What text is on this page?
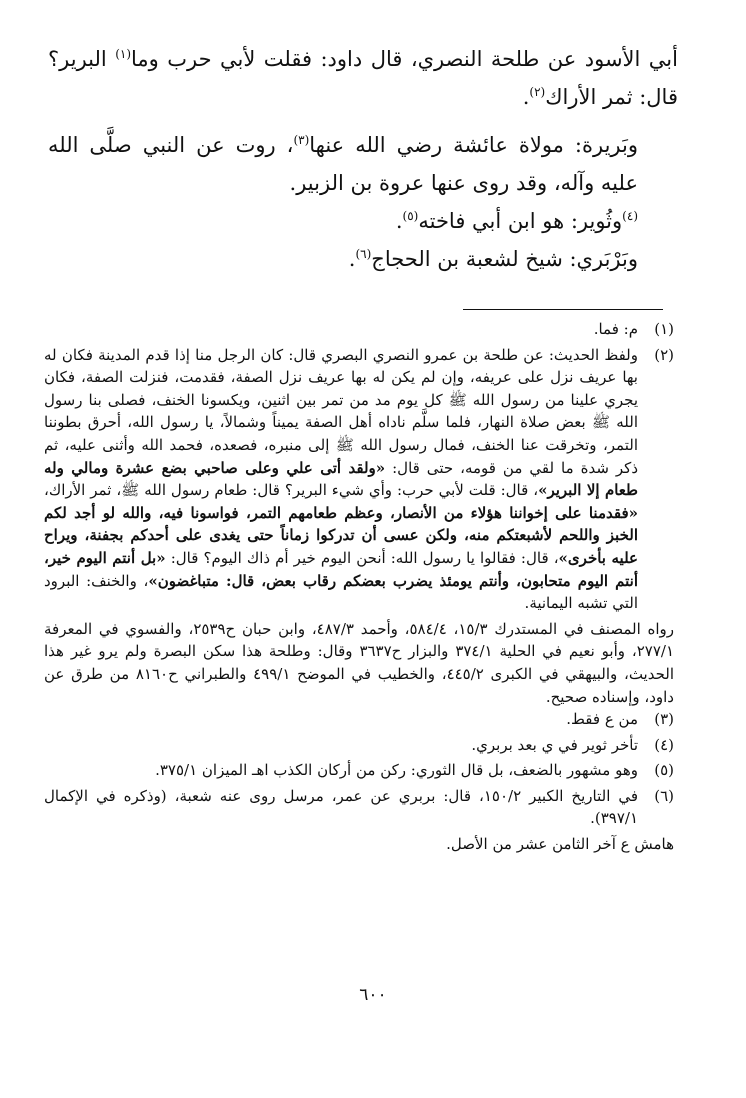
أبي الأسود عن طلحة النصري، قال داود: فقلت لأبي حرب وما$^{(١)}$ البرير؟ قال: ثمر الأراك$^{(٢)}$.

وبَريرة: مولاة عائشة رضي الله عنها$^{(٣)}$، روت عن النبي صلَّى الله عليه وآله، وقد روى عنها عروة بن الزبير.

$^{(٤)}$وثُوير: هو ابن أبي فاخته$^{(٥)}$.

وبَرْبَري: شيخ لشعبة بن الحجاج$^{(٦)}$.

(١)
م: فما.
(٢)

ولفظ الحديث: عن طلحة بن عمرو النصري البصري قال: كان الرجل منا إذا قدم المدينة فكان له بها عريف نزل على عريفه، وإن لم يكن له بها عريف نزل الصفة، فقدمت، فنزلت الصفة، فكان يجري علينا من رسول الله ﷺ كل يوم مد من تمر بين اثنين، ويكسونا الخنف، فصلى بنا رسول الله ﷺ بعض صلاة النهار، فلما سلَّم ناداه أهل الصفة يميناً وشمالاً، يا رسول الله، أحرق بطوننا التمر، وتخرقت عنا الخنف، فمال رسول الله ﷺ إلى منبره، فصعده، فحمد الله وأثنى عليه، ثم ذكر شدة ما لقي من قومه، حتى قال: «ولقد أتى علي وعلى صاحبي بضع عشرة ومالي وله طعام إلا البرير»، قال: قلت لأبي حرب: وأي شيء البرير؟ قال: طعام رسول الله ﷺ، ثمر الأراك، «فقدمنا على إخواننا هؤلاء من الأنصار، وعظم طعامهم التمر، فواسونا فيه، والله لو أجد لكم الخبز واللحم لأشبعتكم منه، ولكن عسى أن تدركوا زماناً حتى يغدى على أحدكم بجفنة، ويراح عليه بأخرى»، قال: فقالوا يا رسول الله: أنحن اليوم خير أم ذاك اليوم؟ قال: «بل أنتم اليوم خير، أنتم اليوم متحابون، وأنتم يومئذ يضرب بعضكم رقاب بعض، قال: متباغضون»، والخنف: البرود التي تشبه اليمانية.

رواه المصنف في المستدرك ١٥/٣، ٥٨٤/٤، وأحمد ٤٨٧/٣، وابن حبان ح٢٥٣٩، والفسوي في المعرفة ٢٧٧/١، وأبو نعيم في الحلية ٣٧٤/١ والبزار ح٣٦٣٧ وقال: وطلحة هذا سكن البصرة ولم يرو غير هذا الحديث، والبيهقي في الكبرى ٤٤٥/٢، والخطيب في الموضح ٤٩٩/١ والطبراني ح٨١٦٠ من طرق عن داود، وإسناده صحيح.

(٣)
من ع فقط.
(٤)
تأخر ثوير في ي بعد بربري.
(٥)
وهو مشهور بالضعف، بل قال الثوري: ركن من أركان الكذب اهـ الميزان ٣٧٥/١.
(٦)
في التاريخ الكبير ١٥٠/٢، قال: بربري عن عمر، مرسل روى عنه شعبة، (وذكره في الإكمال ٣٩٧/١).

هامش ع آخر الثامن عشر من الأصل.

٦٠٠
